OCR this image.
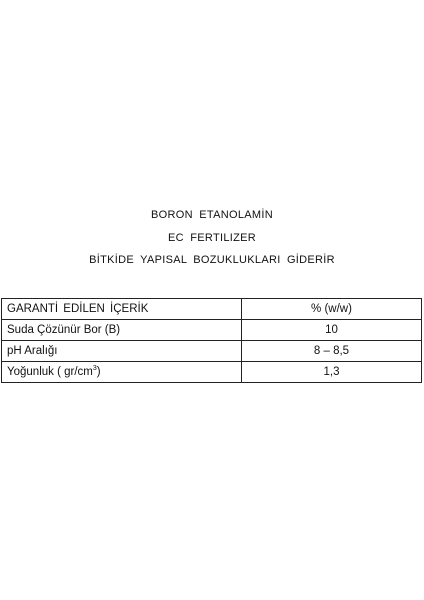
BORON ETANOLAMİN
EC FERTILIZER
BİTKİDE YAPISAL BOZUKLUKLARI GİDERİR
GARANTİ EDİLEN İÇERİK	% (w/w)
Suda Çözünür Bor (B)	10
pH Aralığı	8 – 8,5
Yoğunluk ( $gr/cm^3$)	1,3
